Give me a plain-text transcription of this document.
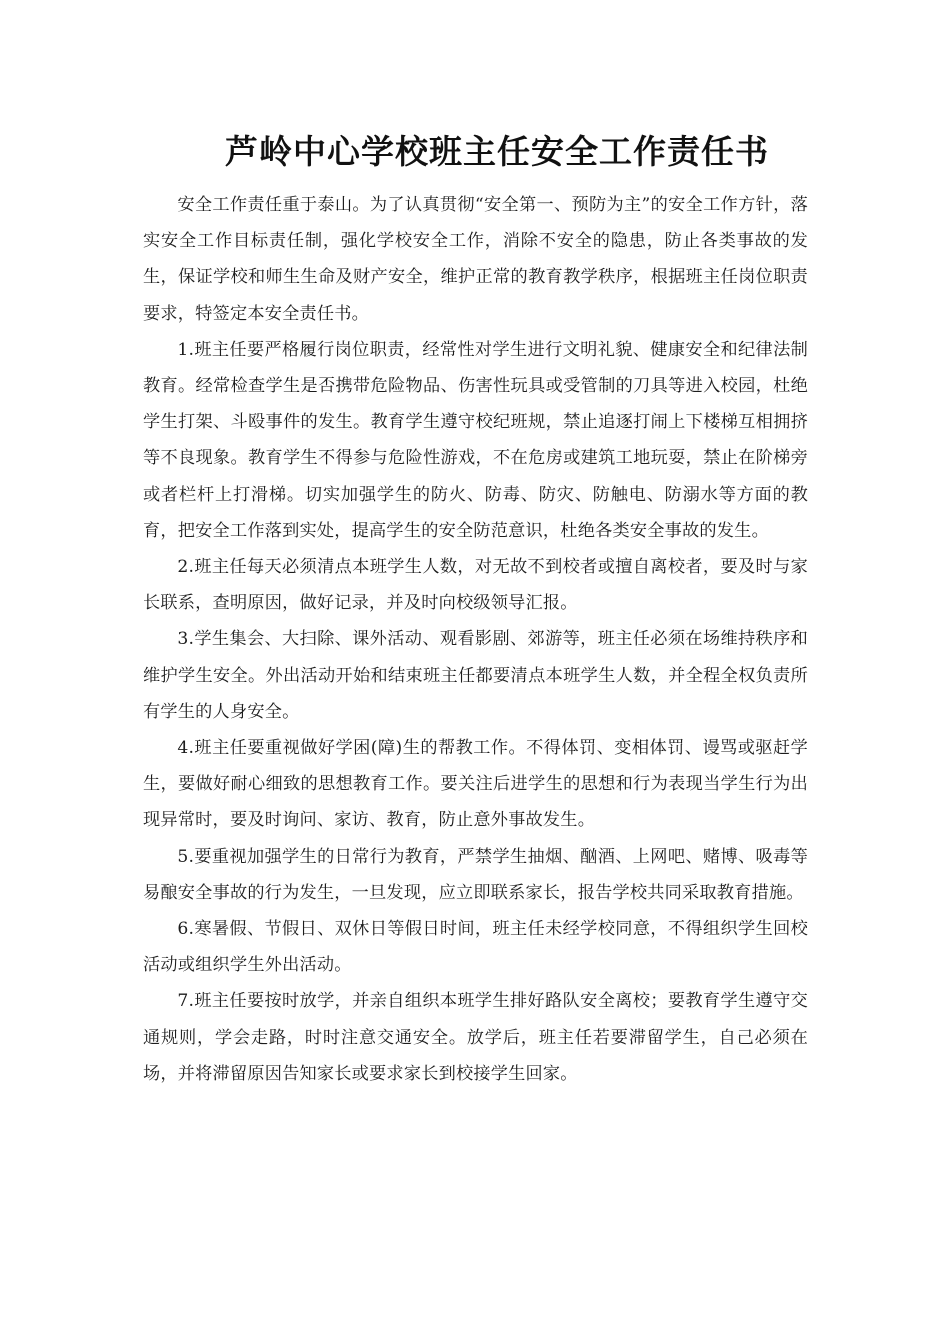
芦岭中心学校班主任安全工作责任书

安全工作责任重于泰山。为了认真贯彻“安全第一、预防为主”的安全工作方针，落实安全工作目标责任制，强化学校安全工作，消除不安全的隐患，防止各类事故的发生，保证学校和师生生命及财产安全，维护正常的教育教学秩序，根据班主任岗位职责要求，特签定本安全责任书。

1.班主任要严格履行岗位职责，经常性对学生进行文明礼貌、健康安全和纪律法制教育。经常检查学生是否携带危险物品、伤害性玩具或受管制的刀具等进入校园，杜绝学生打架、斗殴事件的发生。教育学生遵守校纪班规，禁止追逐打闹上下楼梯互相拥挤等不良现象。教育学生不得参与危险性游戏，不在危房或建筑工地玩耍，禁止在阶梯旁或者栏杆上打滑梯。切实加强学生的防火、防毒、防灾、防触电、防溺水等方面的教育，把安全工作落到实处，提高学生的安全防范意识，杜绝各类安全事故的发生。

2.班主任每天必须清点本班学生人数，对无故不到校者或擅自离校者，要及时与家长联系，查明原因，做好记录，并及时向校级领导汇报。

3.学生集会、大扫除、课外活动、观看影剧、郊游等，班主任必须在场维持秩序和维护学生安全。外出活动开始和结束班主任都要清点本班学生人数，并全程全权负责所有学生的人身安全。

4.班主任要重视做好学困(障)生的帮教工作。不得体罚、变相体罚、谩骂或驱赶学生，要做好耐心细致的思想教育工作。要关注后进学生的思想和行为表现当学生行为出现异常时，要及时询问、家访、教育，防止意外事故发生。

5.要重视加强学生的日常行为教育，严禁学生抽烟、酗酒、上网吧、赌博、吸毒等易酿安全事故的行为发生，一旦发现，应立即联系家长，报告学校共同采取教育措施。

6.寒暑假、节假日、双休日等假日时间，班主任未经学校同意，不得组织学生回校活动或组织学生外出活动。

7.班主任要按时放学，并亲自组织本班学生排好路队安全离校；要教育学生遵守交通规则，学会走路，时时注意交通安全。放学后，班主任若要滞留学生，自己必须在场，并将滞留原因告知家长或要求家长到校接学生回家。
